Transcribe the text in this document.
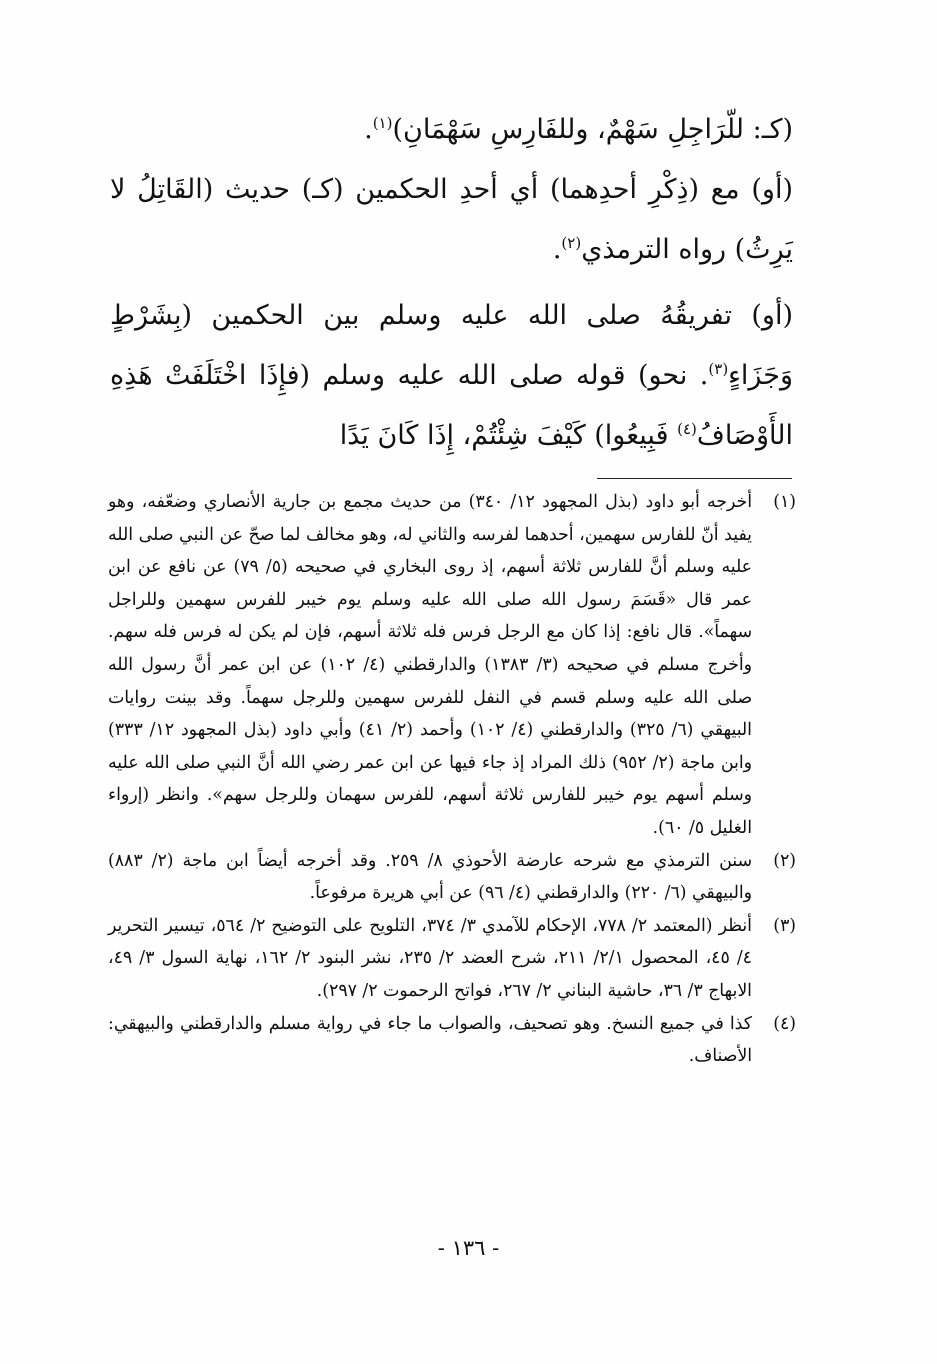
(كـ: للّرَاجِلِ سَهْمٌ، وللفَارِسِ سَهْمَانِ)$^{(١)}$.

(أو) مع (ذِكْرِ أحدِهما) أي أحدِ الحكمين (كـ) حديث (القَاتِلُ لا يَرِثُ) رواه الترمذي$^{(٢)}$.

(أو) تفريقُهُ صلى الله عليه وسلم بين الحكمين (بِشَرْطٍ وَجَزَاءٍ$^{(٣)}$. نحو) قوله صلى الله عليه وسلم (فإِذَا اخْتَلَفَتْ هَذِهِ الأَوْصَافُ$^{(٤)}$ فَبِيعُوا) كَيْفَ شِئْتُمْ، إِذَا كَانَ يَدًا

(١)
أخرجه أبو داود (بذل المجهود ١٢/ ٣٤٠) من حديث مجمع بن جارية الأنصاري وضعّفه، وهو يفيد أنّ للفارس سهمين، أحدهما لفرسه والثاني له، وهو مخالف لما صحّ عن النبي صلى الله عليه وسلم أنَّ للفارس ثلاثة أسهم، إذ روى البخاري في صحيحه (٥/ ٧٩) عن نافع عن ابن عمر قال «قَسَمَ رسول الله صلى الله عليه وسلم يوم خيبر للفرس سهمين وللراجل سهماً». قال نافع: إذا كان مع الرجل فرس فله ثلاثة أسهم، فإن لم يكن له فرس فله سهم. وأخرج مسلم في صحيحه (٣/ ١٣٨٣) والدارقطني (٤/ ١٠٢) عن ابن عمر أنَّ رسول الله صلى الله عليه وسلم قسم في النفل للفرس سهمين وللرجل سهماً. وقد بينت روايات البيهقي (٦/ ٣٢٥) والدارقطني (٤/ ١٠٢) وأحمد (٢/ ٤١) وأبي داود (بذل المجهود ١٢/ ٣٣٣) وابن ماجة (٢/ ٩٥٢) ذلك المراد إذ جاء فيها عن ابن عمر رضي الله أنَّ النبي صلى الله عليه وسلم أسهم يوم خيبر للفارس ثلاثة أسهم، للفرس سهمان وللرجل سهم». وانظر (إرواء الغليل ٥/ ٦٠).
(٢)
سنن الترمذي مع شرحه عارضة الأحوذي ٨/ ٢٥٩. وقد أخرجه أيضاً ابن ماجة (٢/ ٨٨٣) والبيهقي (٦/ ٢٢٠) والدارقطني (٤/ ٩٦) عن أبي هريرة مرفوعاً.
(٣)
أنظر (المعتمد ٢/ ٧٧٨، الإحكام للآمدي ٣/ ٣٧٤، التلويح على التوضيح ٢/ ٥٦٤، تيسير التحرير ٤/ ٤٥، المحصول ٢/١/ ٢١١، شرح العضد ٢/ ٢٣٥، نشر البنود ٢/ ١٦٢، نهاية السول ٣/ ٤٩، الابهاج ٣/ ٣٦، حاشية البناني ٢/ ٢٦٧، فواتح الرحموت ٢/ ٢٩٧).
(٤)
كذا في جميع النسخ. وهو تصحيف، والصواب ما جاء في رواية مسلم والدارقطني والبيهقي: الأصناف.
- ١٣٦ -
